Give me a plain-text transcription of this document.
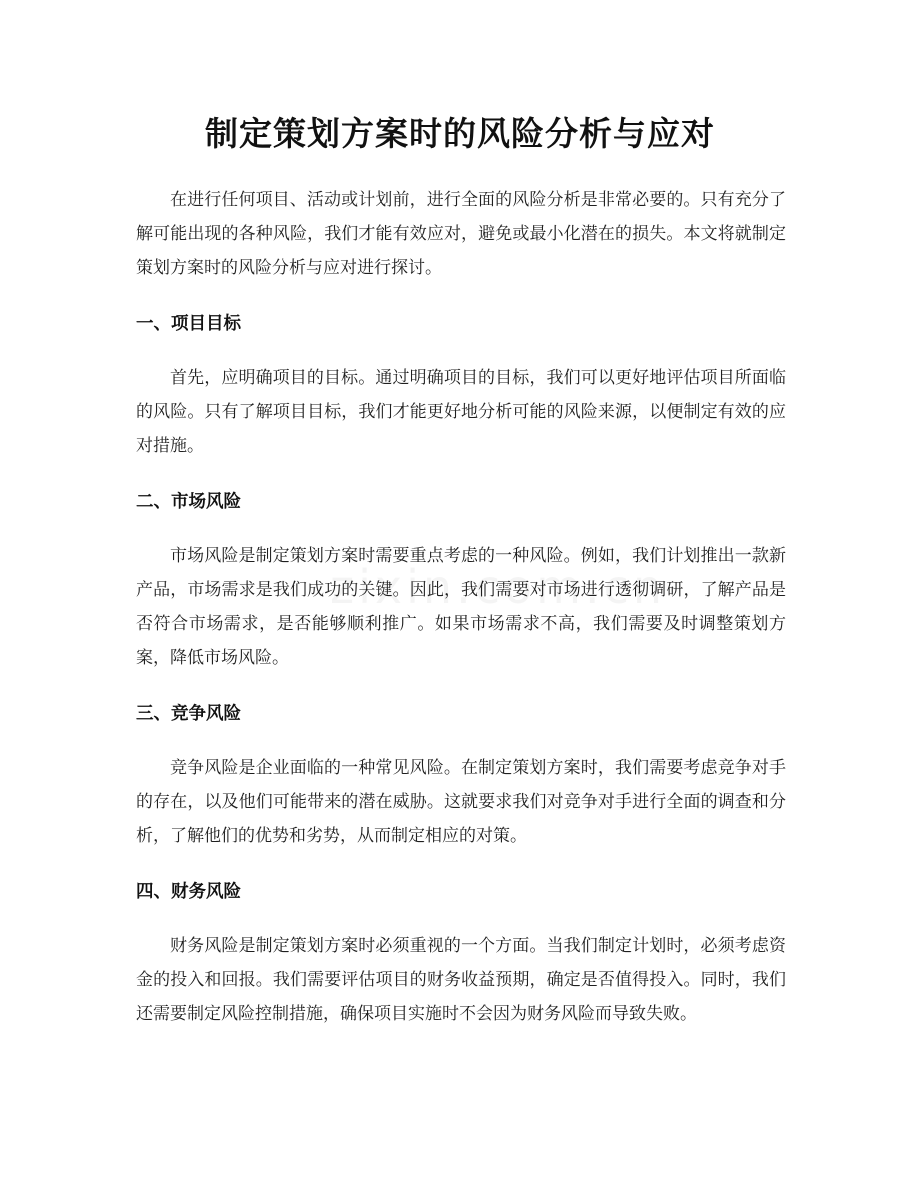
制定策划方案时的风险分析与应对

在进行任何项目、活动或计划前，进行全面的风险分析是非常必要的。只有充分了解可能出现的各种风险，我们才能有效应对，避免或最小化潜在的损失。本文将就制定策划方案时的风险分析与应对进行探讨。

一、项目目标

首先，应明确项目的目标。通过明确项目的目标，我们可以更好地评估项目所面临的风险。只有了解项目目标，我们才能更好地分析可能的风险来源，以便制定有效的应对措施。

二、市场风险

市场风险是制定策划方案时需要重点考虑的一种风险。例如，我们计划推出一款新产品，市场需求是我们成功的关键。因此，我们需要对市场进行透彻调研，了解产品是否符合市场需求，是否能够顺利推广。如果市场需求不高，我们需要及时调整策划方案，降低市场风险。

三、竞争风险

竞争风险是企业面临的一种常见风险。在制定策划方案时，我们需要考虑竞争对手的存在，以及他们可能带来的潜在威胁。这就要求我们对竞争对手进行全面的调查和分析，了解他们的优势和劣势，从而制定相应的对策。

四、财务风险

财务风险是制定策划方案时必须重视的一个方面。当我们制定计划时，必须考虑资金的投入和回报。我们需要评估项目的财务收益预期，确定是否值得投入。同时，我们还需要制定风险控制措施，确保项目实施时不会因为财务风险而导致失败。
